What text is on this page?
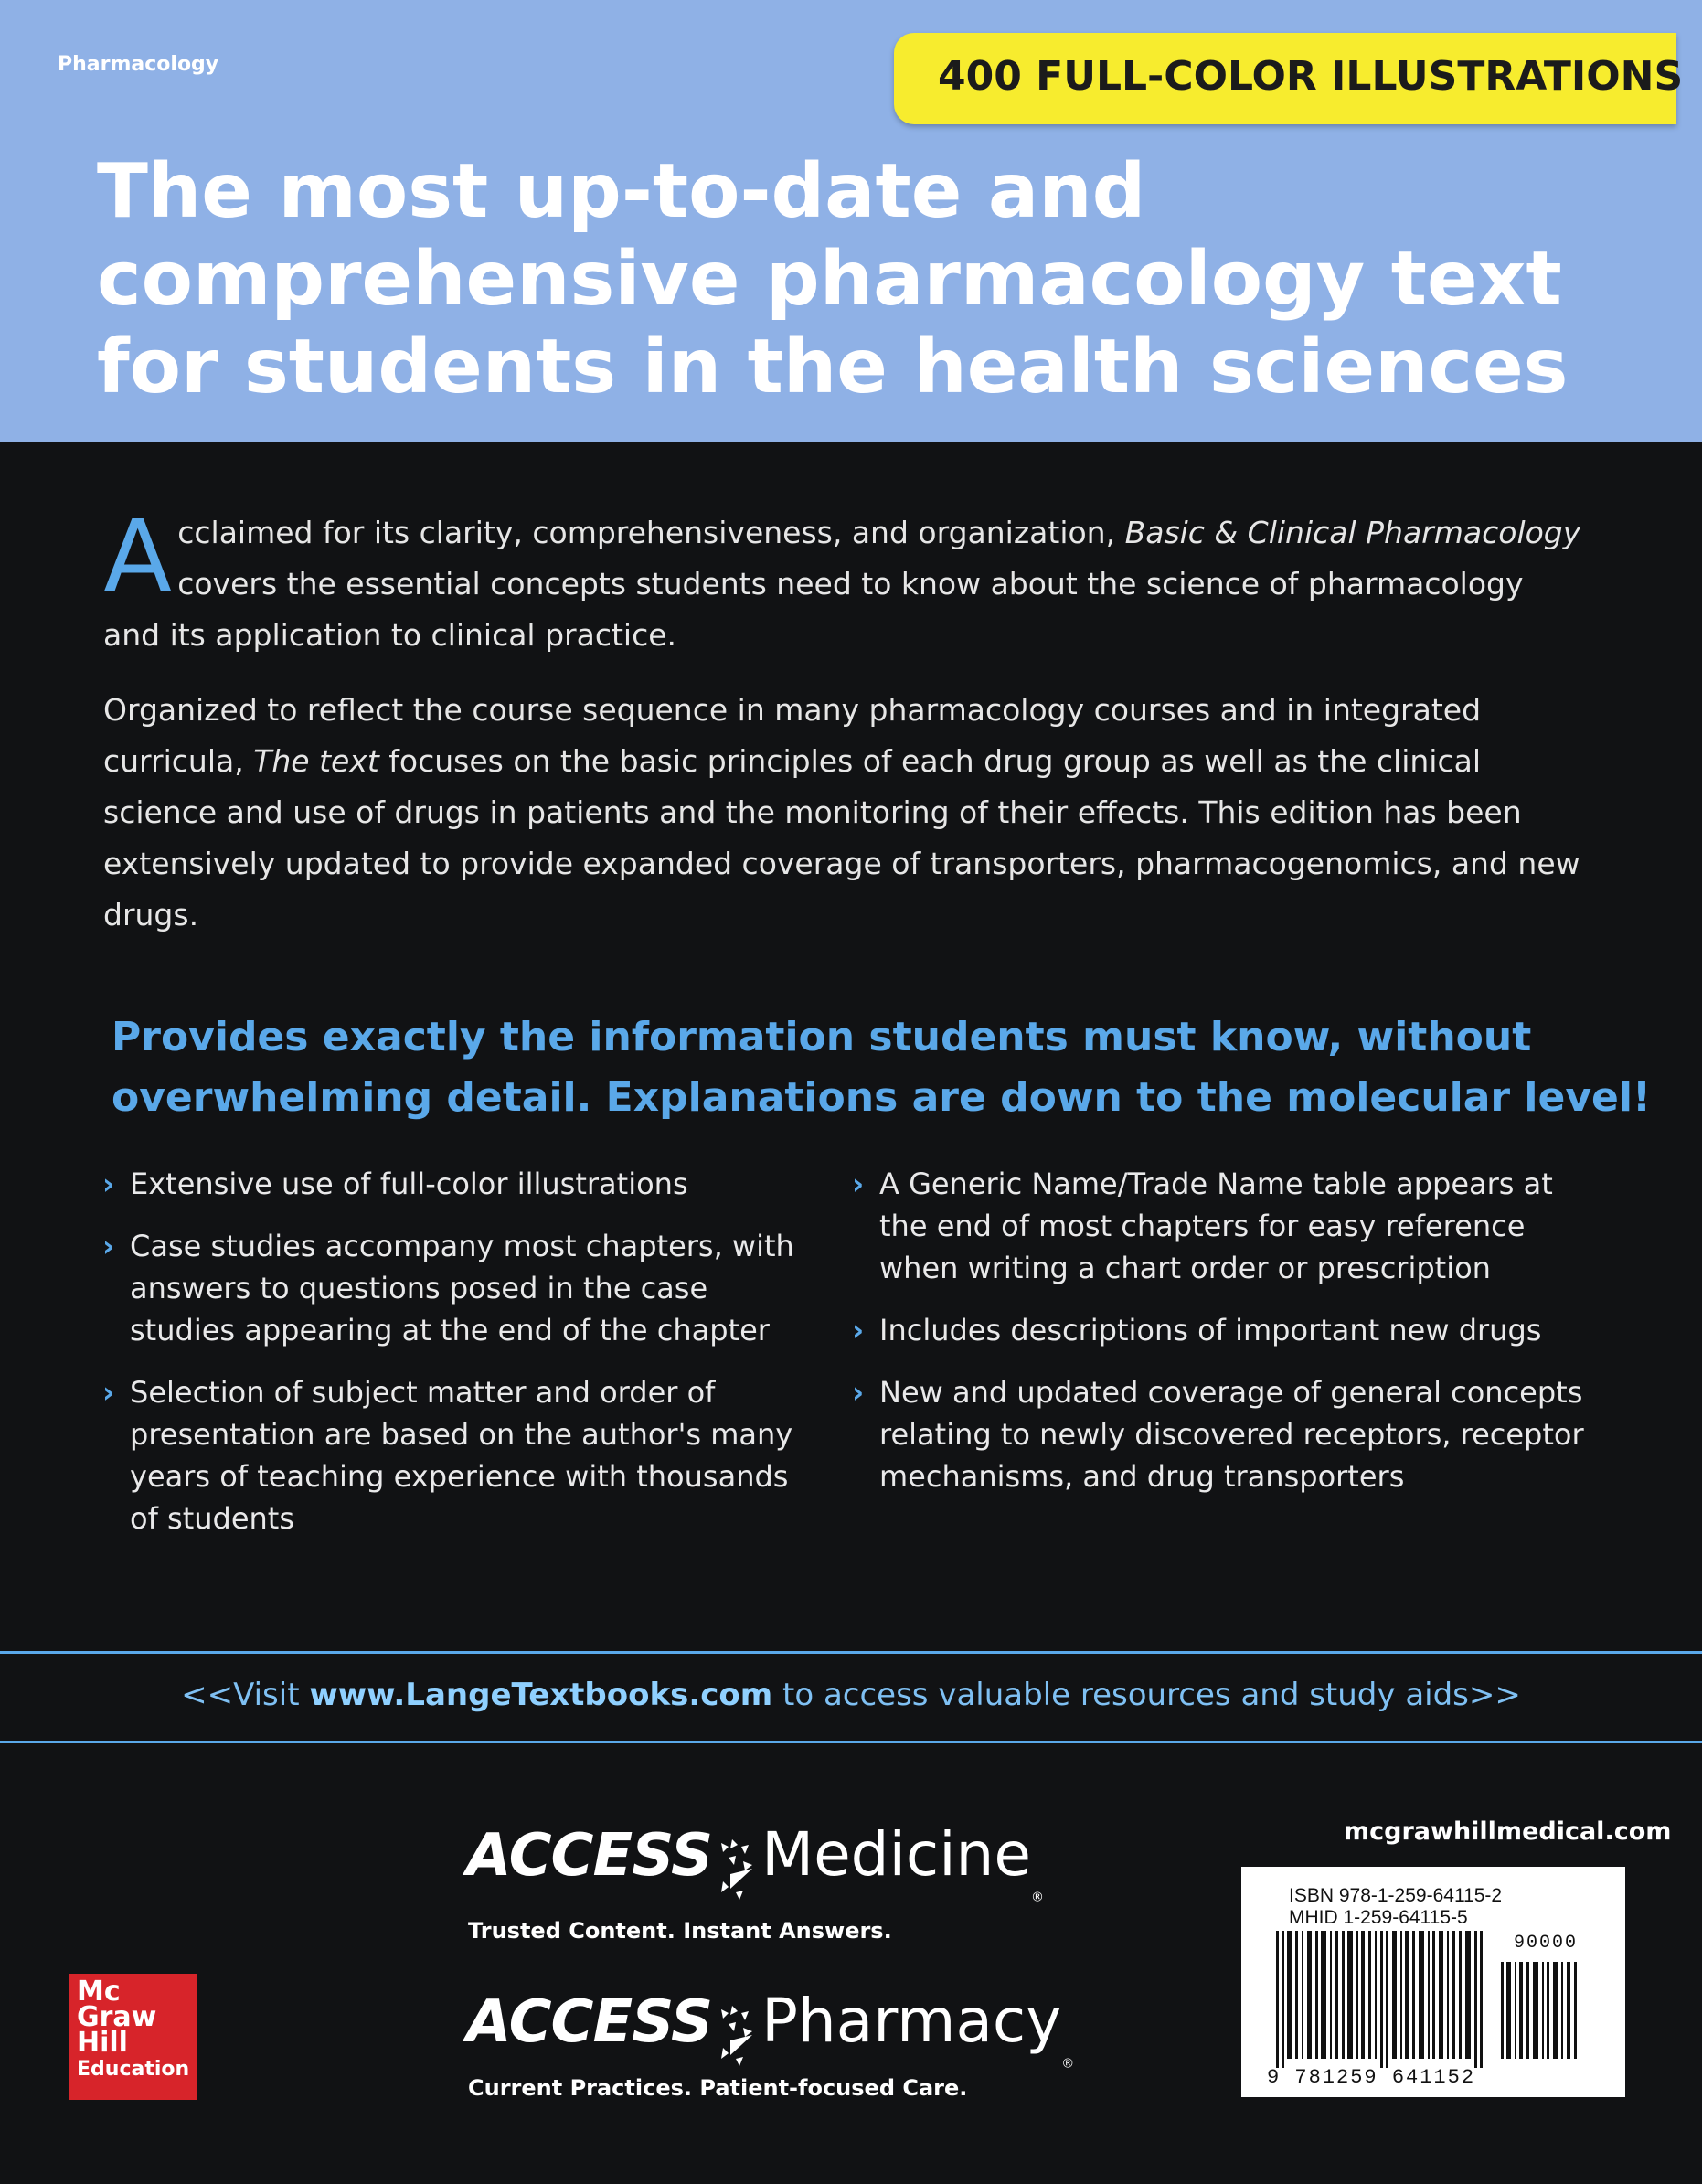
Pharmacology	400 FULL-COLOR ILLUSTRATIONS
The most up-to-date and
comprehensive pharmacology text
for students in the health sciences
Acclaimed for its clarity, comprehensiveness, and organization, Basic & Clinical Pharmacology covers the essential concepts students need to know about the science of pharmacology and its application to clinical practice.
Organized to reflect the course sequence in many pharmacology courses and in integrated curricula, The text focuses on the basic principles of each drug group as well as the clinical science and use of drugs in patients and the monitoring of their effects. This edition has been extensively updated to provide expanded coverage of transporters, pharmacogenomics, and new drugs.
Provides exactly the information students must know, without
overwhelming detail. Explanations are down to the molecular level!
› Extensive use of full-color illustrations
› Case studies accompany most chapters, with answers to questions posed in the case studies appearing at the end of the chapter
› Selection of subject matter and order of presentation are based on the author's many years of teaching experience with thousands of students
› A Generic Name/Trade Name table appears at the end of most chapters for easy reference when writing a chart order or prescription
› Includes descriptions of important new drugs
› New and updated coverage of general concepts relating to newly discovered receptors, receptor mechanisms, and drug transporters
<<Visit www.LangeTextbooks.com to access valuable resources and study aids>>
mcgrawhillmedical.com
ACCESS Medicine®
Trusted Content. Instant Answers.
ACCESS Pharmacy®
Current Practices. Patient-focused Care.
Mc
Graw
Hill
Education
ISBN 978-1-259-64115-2
MHID 1-259-64115-5
90000
9 781259 641152
